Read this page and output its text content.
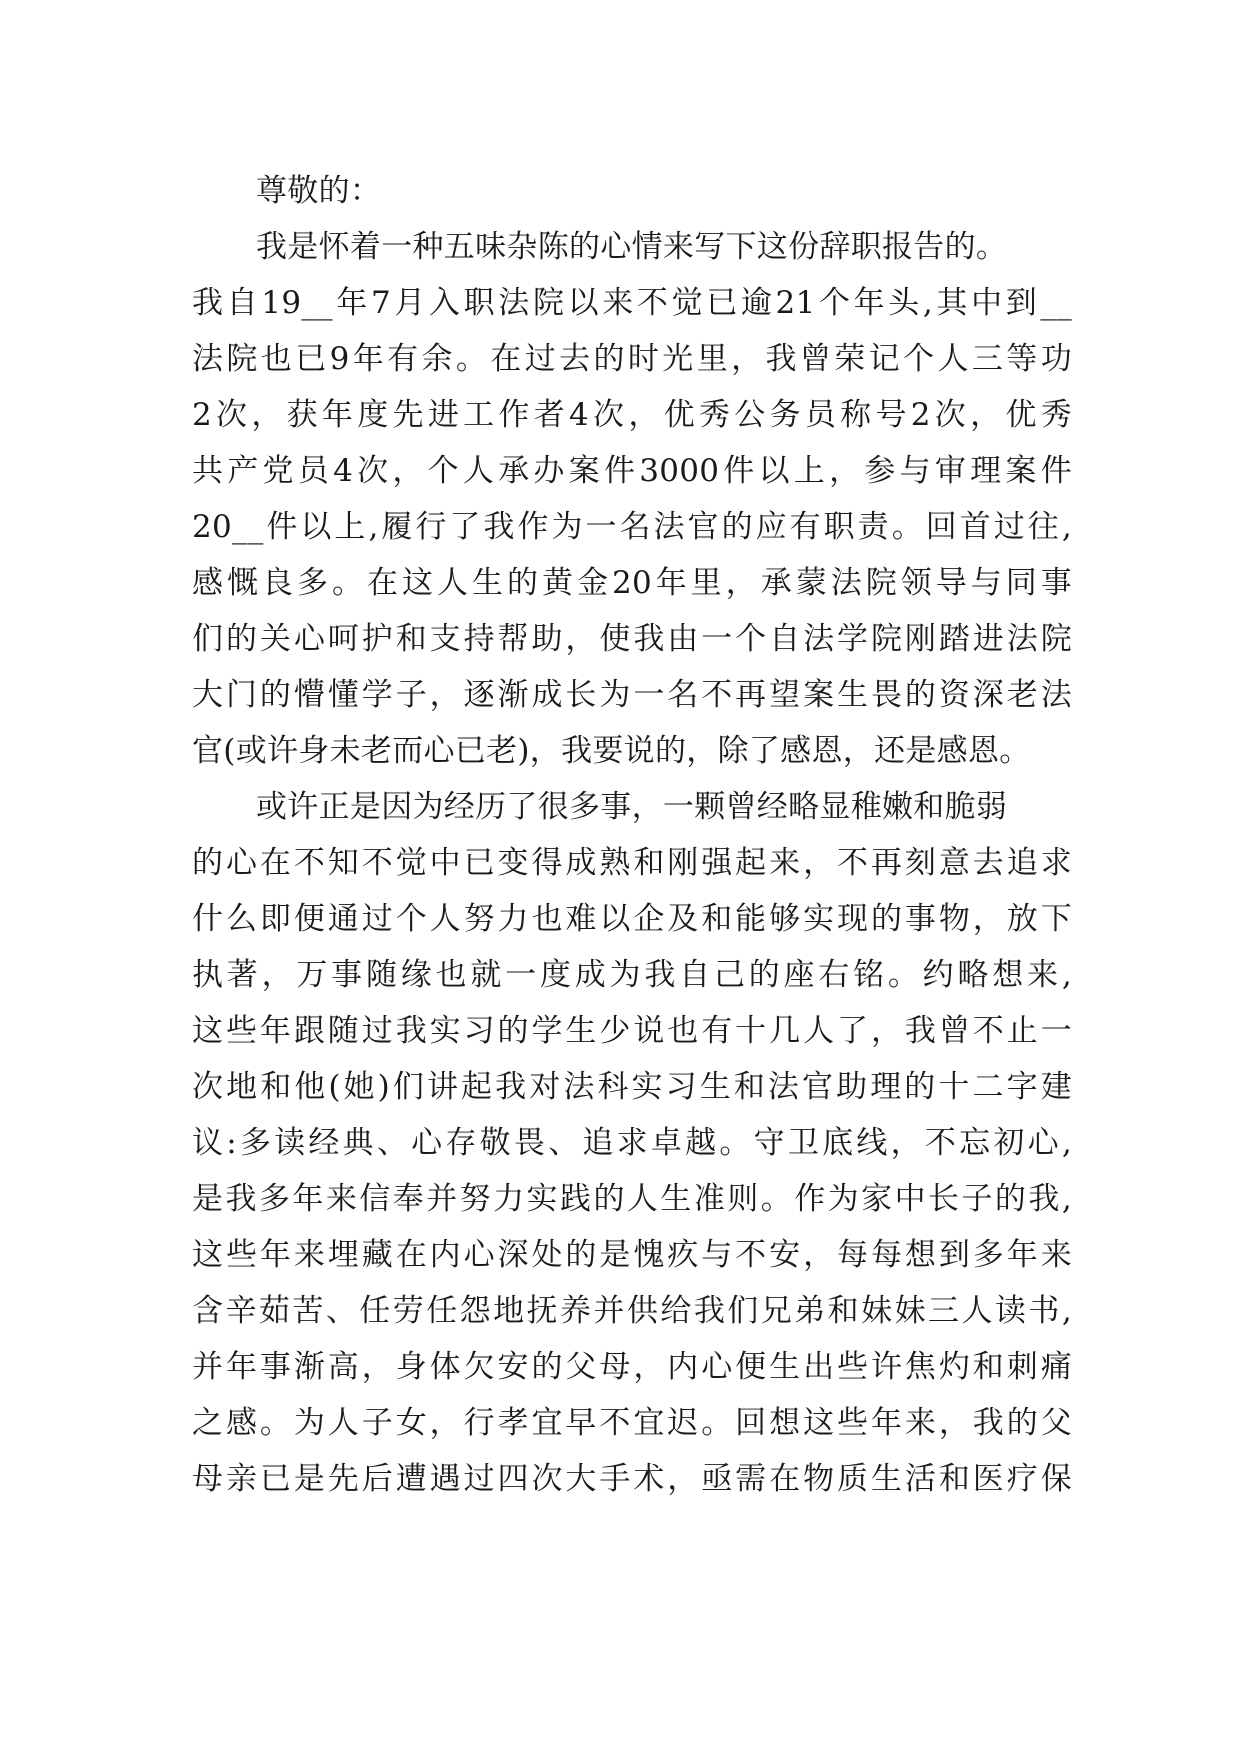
尊敬的：
我是怀着一种五味杂陈的心情来写下这份辞职报告的。
我自19__年7月入职法院以来不觉已逾21个年头,其中到__
法院也已9年有余。在过去的时光里，我曾荣记个人三等功
2次，获年度先进工作者4次，优秀公务员称号2次，优秀
共产党员4次，个人承办案件3000件以上，参与审理案件
20__件以上,履行了我作为一名法官的应有职责。回首过往,
感慨良多。在这人生的黄金20年里，承蒙法院领导与同事
们的关心呵护和支持帮助，使我由一个自法学院刚踏进法院
大门的懵懂学子，逐渐成长为一名不再望案生畏的资深老法
官(或许身未老而心已老)，我要说的，除了感恩，还是感恩。
或许正是因为经历了很多事，一颗曾经略显稚嫩和脆弱
的心在不知不觉中已变得成熟和刚强起来，不再刻意去追求
什么即便通过个人努力也难以企及和能够实现的事物，放下
执著，万事随缘也就一度成为我自己的座右铭。约略想来,
这些年跟随过我实习的学生少说也有十几人了，我曾不止一
次地和他(她)们讲起我对法科实习生和法官助理的十二字建
议:多读经典、心存敬畏、追求卓越。守卫底线，不忘初心,
是我多年来信奉并努力实践的人生准则。作为家中长子的我,
这些年来埋藏在内心深处的是愧疚与不安，每每想到多年来
含辛茹苦、任劳任怨地抚养并供给我们兄弟和妹妹三人读书,
并年事渐高，身体欠安的父母，内心便生出些许焦灼和刺痛
之感。为人子女，行孝宜早不宜迟。回想这些年来，我的父
母亲已是先后遭遇过四次大手术，亟需在物质生活和医疗保
